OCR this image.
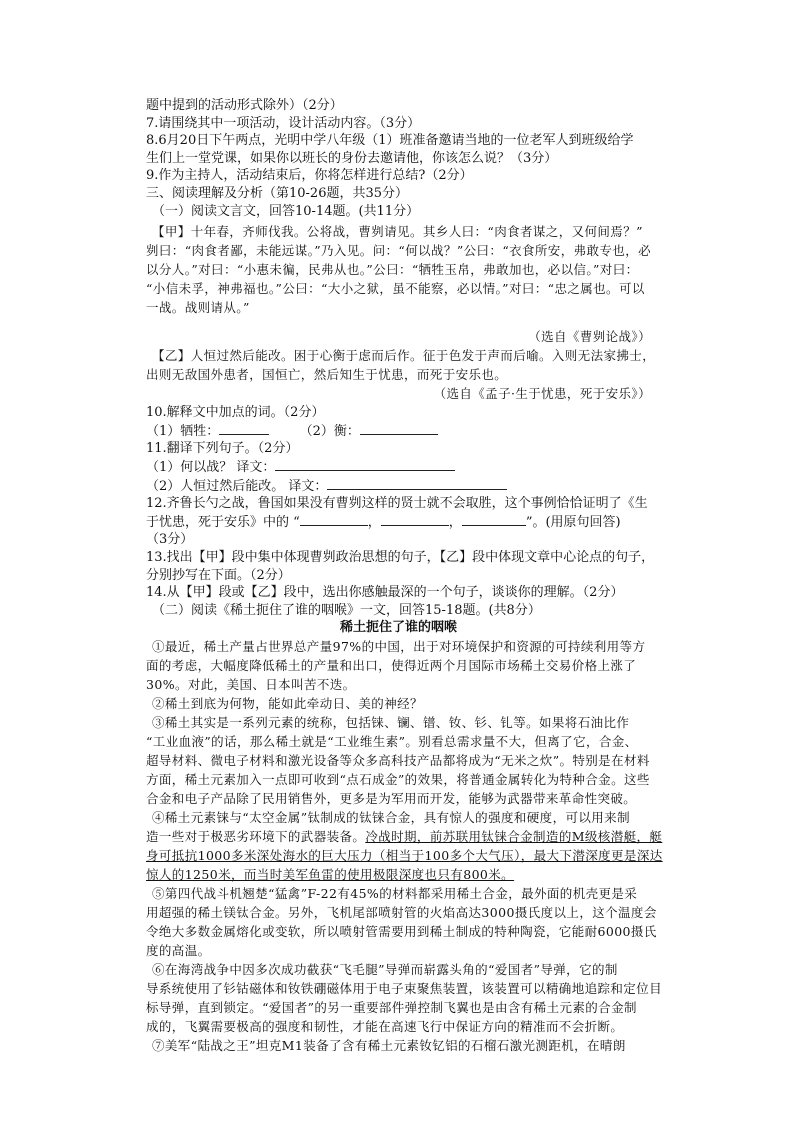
题中提到的活动形式除外）（2分）
7.请围绕其中一项活动，设计活动内容。（3分）
8.6月20日下午两点，光明中学八年级（1）班准备邀请当地的一位老军人到班级给学
生们上一堂党课，如果你以班长的身份去邀请他，你该怎么说？（3分）
9.作为主持人，活动结束后，你将怎样进行总结?（2分）
三、阅读理解及分析（第10-26题，共35分）
（一）阅读文言文，回答10-14题。(共11分）
【甲】十年春，齐师伐我。公将战，曹刿请见。其乡人曰：“肉食者谋之，又何间焉？”
刿曰：“肉食者鄙，未能远谋。”乃入见。问：“何以战？”公曰：“衣食所安，弗敢专也，必
以分人。”对曰：“小惠未徧，民弗从也。”公曰：“牺牲玉帛，弗敢加也，必以信。”对曰：
“小信未孚，神弗福也。”公曰：“大小之狱，虽不能察，必以情。”对曰：“忠之属也。可以
一战。战则请从。”
（选自《曹刿论战》）
【乙】人恒过然后能改。困于心衡于虑而后作。征于色发于声而后喻。入则无法家拂士，
出则无敌国外患者，国恒亡，然后知生于忧患，而死于安乐也。
（选自《孟子·生于忧患，死于安乐》）
10.解释文中加点的词。（2分）
（1）牺牲：	（2）衡：
11.翻译下列句子。（2分）
（1）何以战？ 译文：
（2）人恒过然后能改。 译文：
12.齐鲁长勺之战，鲁国如果没有曹刿这样的贤士就不会取胜，这个事例恰恰证明了《生
于忧患，死于安乐》中的 “	，	，	”。(用原句回答)
（3分）
13.找出【甲】段中集中体现曹刿政治思想的句子，【乙】段中体现文章中心论点的句子，
分别抄写在下面。（2分）
14.从【甲】段或【乙】段中，选出你感触最深的一个句子，谈谈你的理解。（2分）
（二）阅读《稀土扼住了谁的咽喉》一文，回答15-18题。(共8分）
稀土扼住了谁的咽喉
①最近，稀土产量占世界总产量97%的中国，出于对环境保护和资源的可持续利用等方
面的考虑，大幅度降低稀土的产量和出口，使得近两个月国际市场稀土交易价格上涨了
30%。对此，美国、日本叫苦不迭。
②稀土到底为何物，能如此牵动日、美的神经？
③稀土其实是一系列元素的统称，包括铼、镧、镨、钕、钐、钆等。如果将石油比作
“工业血液”的话，那么稀土就是“工业维生素”。别看总需求量不大，但离了它，合金、
超导材料、微电子材料和激光设备等众多高科技产品都将成为“无米之炊”。特别是在材料
方面，稀土元素加入一点即可收到“点石成金”的效果，将普通金属转化为特种合金。这些
合金和电子产品除了民用销售外，更多是为军用而开发，能够为武器带来革命性突破。
④稀土元素铼与“太空金属”钛制成的钛铼合金，具有惊人的强度和硬度，可以用来制
造一些对于极恶劣环境下的武器装备。冷战时期，前苏联用钛铼合金制造的M级核潜艇，艇
身可抵抗1000多米深处海水的巨大压力（相当于100多个大气压），最大下潜深度更是深达
惊人的1250米，而当时美军鱼雷的使用极限深度也只有800米。
⑤第四代战斗机翘楚“猛禽”F-22有45%的材料都采用稀土合金，最外面的机壳更是采
用超强的稀土镁钛合金。另外，飞机尾部喷射管的火焰高达3000摄氏度以上，这个温度会
令绝大多数金属熔化或变软，所以喷射管需要用到稀土制成的特种陶瓷，它能耐6000摄氏
度的高温。
⑥在海湾战争中因多次成功截获“飞毛腿”导弹而崭露头角的“爱国者”导弹，它的制
导系统使用了钐钴磁体和钕铁硼磁体用于电子束聚焦装置，该装置可以精确地追踪和定位目
标导弹，直到锁定。“爱国者”的另一重要部件弹控制飞翼也是由含有稀土元素的合金制
成的，飞翼需要极高的强度和韧性，才能在高速飞行中保证方向的精准而不会折断。
⑦美军“陆战之王”坦克M1装备了含有稀土元素钕钇铝的石榴石激光测距机，在晴朗
